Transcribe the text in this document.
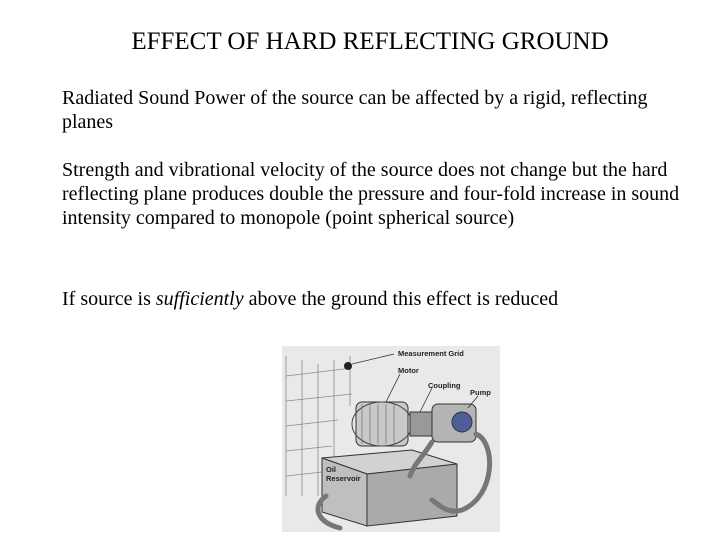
EFFECT OF HARD REFLECTING GROUND
Radiated Sound Power of the source can be affected by a rigid, reflecting planes
Strength and vibrational velocity of the source does not change but the hard reflecting plane produces double the pressure and four-fold increase in sound intensity compared to monopole (point spherical source)
If source is sufficiently above the ground this effect is reduced
Measurement Grid
Motor
Coupling
Pump
Oil
Reservoir
